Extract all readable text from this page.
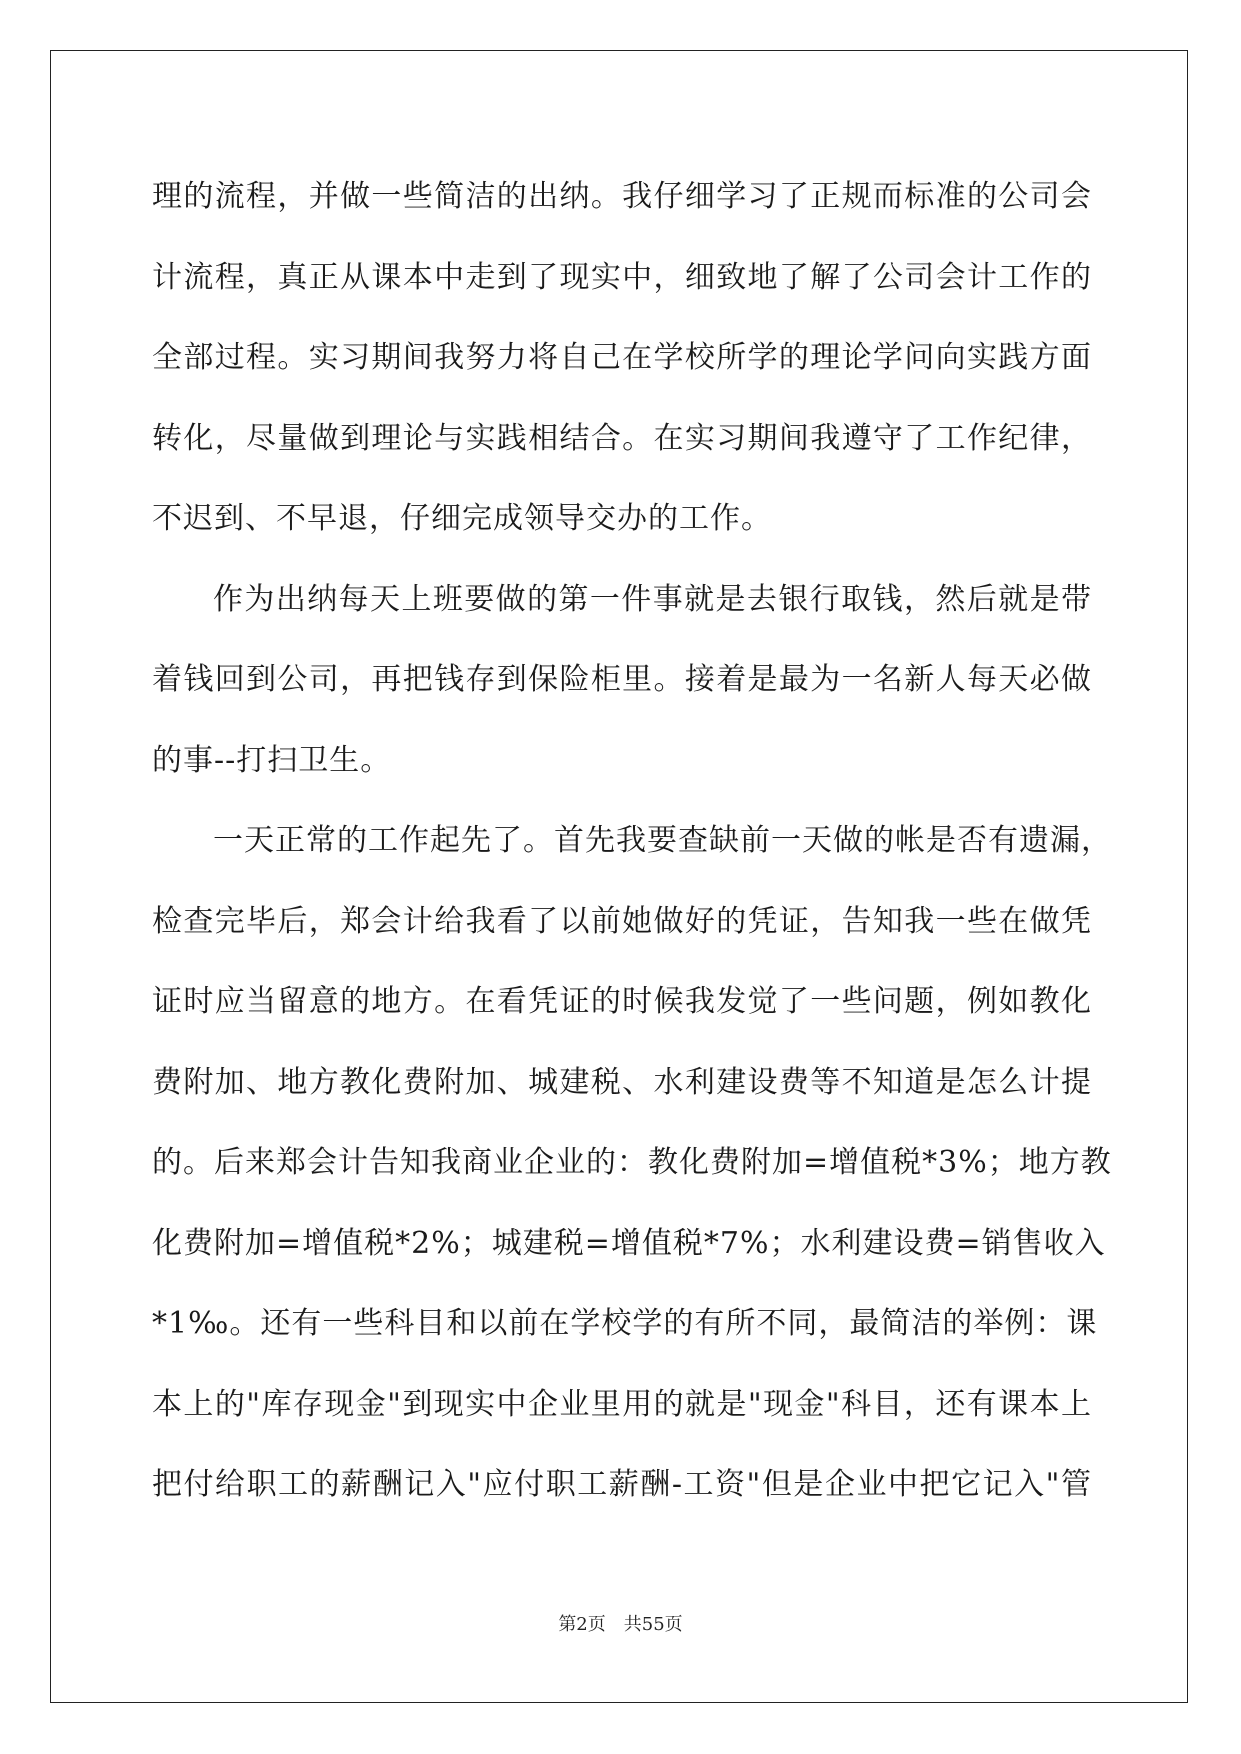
理的流程，并做一些简洁的出纳。我仔细学习了正规而标准的公司会
计流程，真正从课本中走到了现实中，细致地了解了公司会计工作的
全部过程。实习期间我努力将自己在学校所学的理论学问向实践方面
转化，尽量做到理论与实践相结合。在实习期间我遵守了工作纪律，
不迟到、不早退，仔细完成领导交办的工作。
作为出纳每天上班要做的第一件事就是去银行取钱，然后就是带
着钱回到公司，再把钱存到保险柜里。接着是最为一名新人每天必做
的事--打扫卫生。
一天正常的工作起先了。首先我要查缺前一天做的帐是否有遗漏，
检查完毕后，郑会计给我看了以前她做好的凭证，告知我一些在做凭
证时应当留意的地方。在看凭证的时候我发觉了一些问题，例如教化
费附加、地方教化费附加、城建税、水利建设费等不知道是怎么计提
的。后来郑会计告知我商业企业的：教化费附加=增值税*3%；地方教
化费附加=增值税*2%；城建税=增值税*7%；水利建设费=销售收入
*1‰。还有一些科目和以前在学校学的有所不同，最简洁的举例：课
本上的"库存现金"到现实中企业里用的就是"现金"科目，还有课本上
把付给职工的薪酬记入"应付职工薪酬-工资"但是企业中把它记入"管
第2页　共55页
